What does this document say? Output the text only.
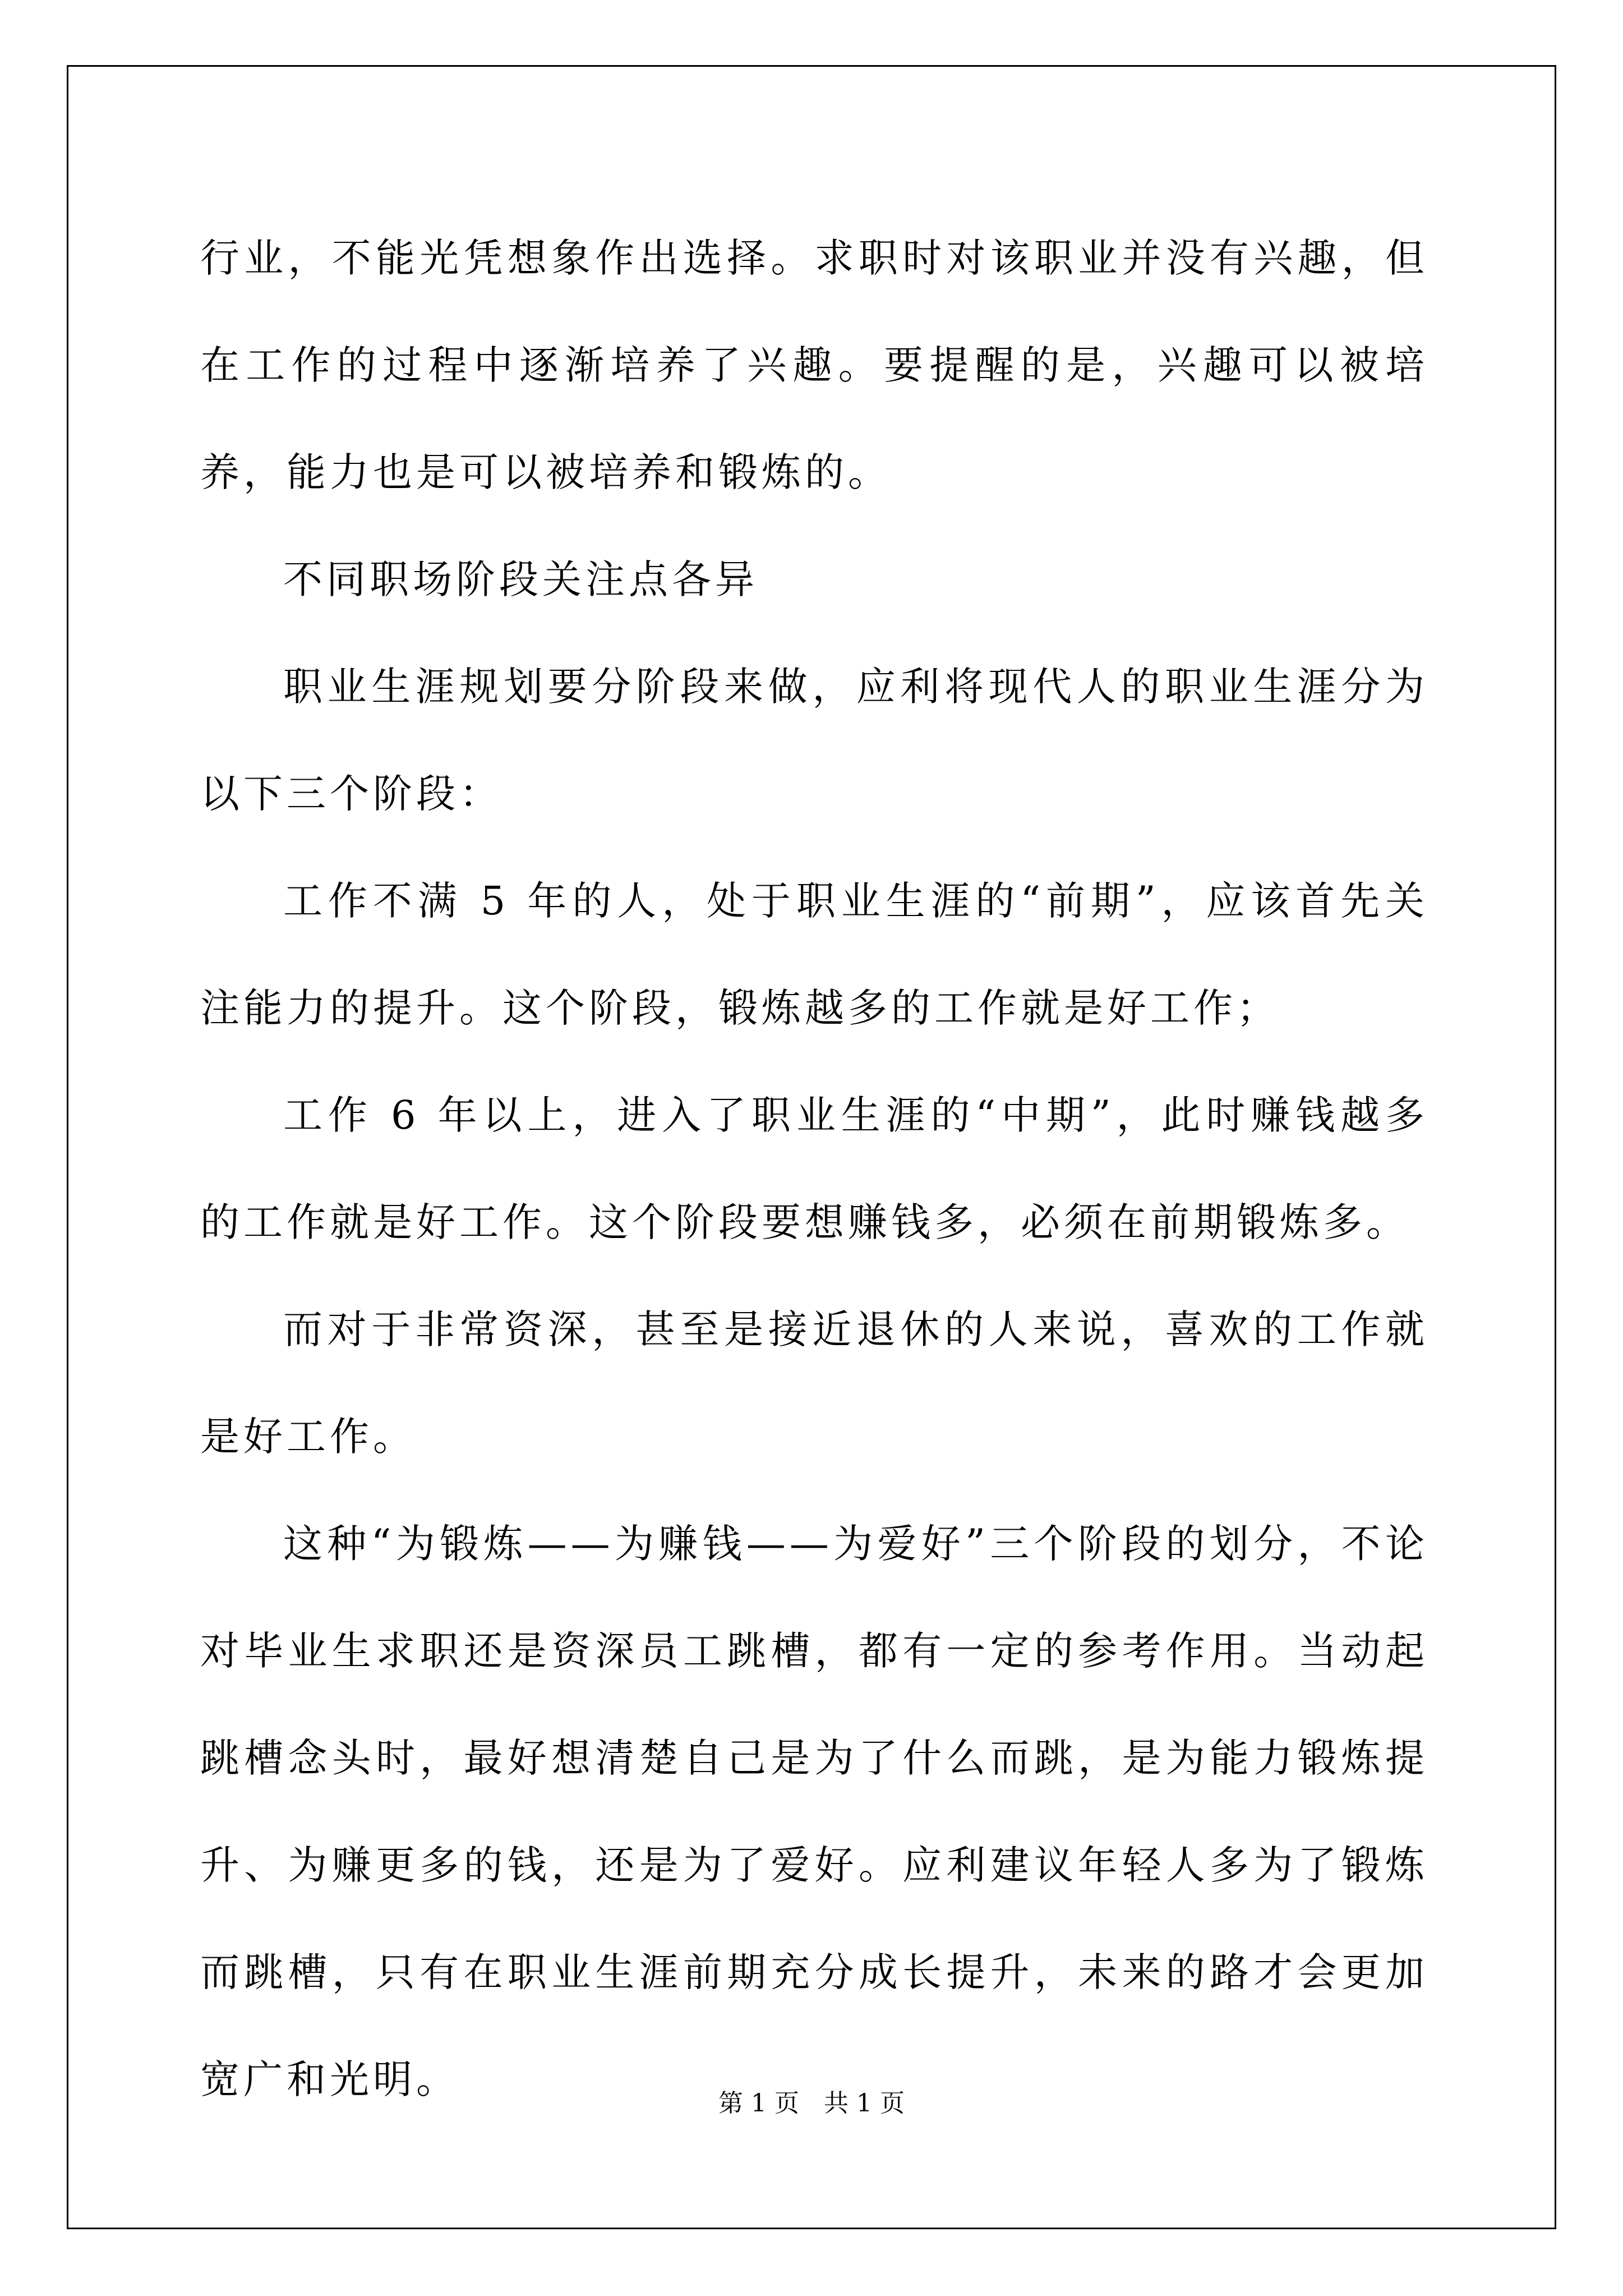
行业，不能光凭想象作出选择。求职时对该职业并没有兴趣，但在工作的过程中逐渐培养了兴趣。要提醒的是，兴趣可以被培养，能力也是可以被培养和锻炼的。

不同职场阶段关注点各异

职业生涯规划要分阶段来做，应利将现代人的职业生涯分为以下三个阶段：

工作不满 5 年的人，处于职业生涯的“前期”，应该首先关注能力的提升。这个阶段，锻炼越多的工作就是好工作；

工作 6 年以上，进入了职业生涯的“中期”，此时赚钱越多的工作就是好工作。这个阶段要想赚钱多，必须在前期锻炼多。

而对于非常资深，甚至是接近退休的人来说，喜欢的工作就是好工作。

这种“为锻炼——为赚钱——为爱好”三个阶段的划分，不论对毕业生求职还是资深员工跳槽，都有一定的参考作用。当动起跳槽念头时，最好想清楚自己是为了什么而跳，是为能力锻炼提升、为赚更多的钱，还是为了爱好。应利建议年轻人多为了锻炼而跳槽，只有在职业生涯前期充分成长提升，未来的路才会更加宽广和光明。

第 1 页 共 1 页
